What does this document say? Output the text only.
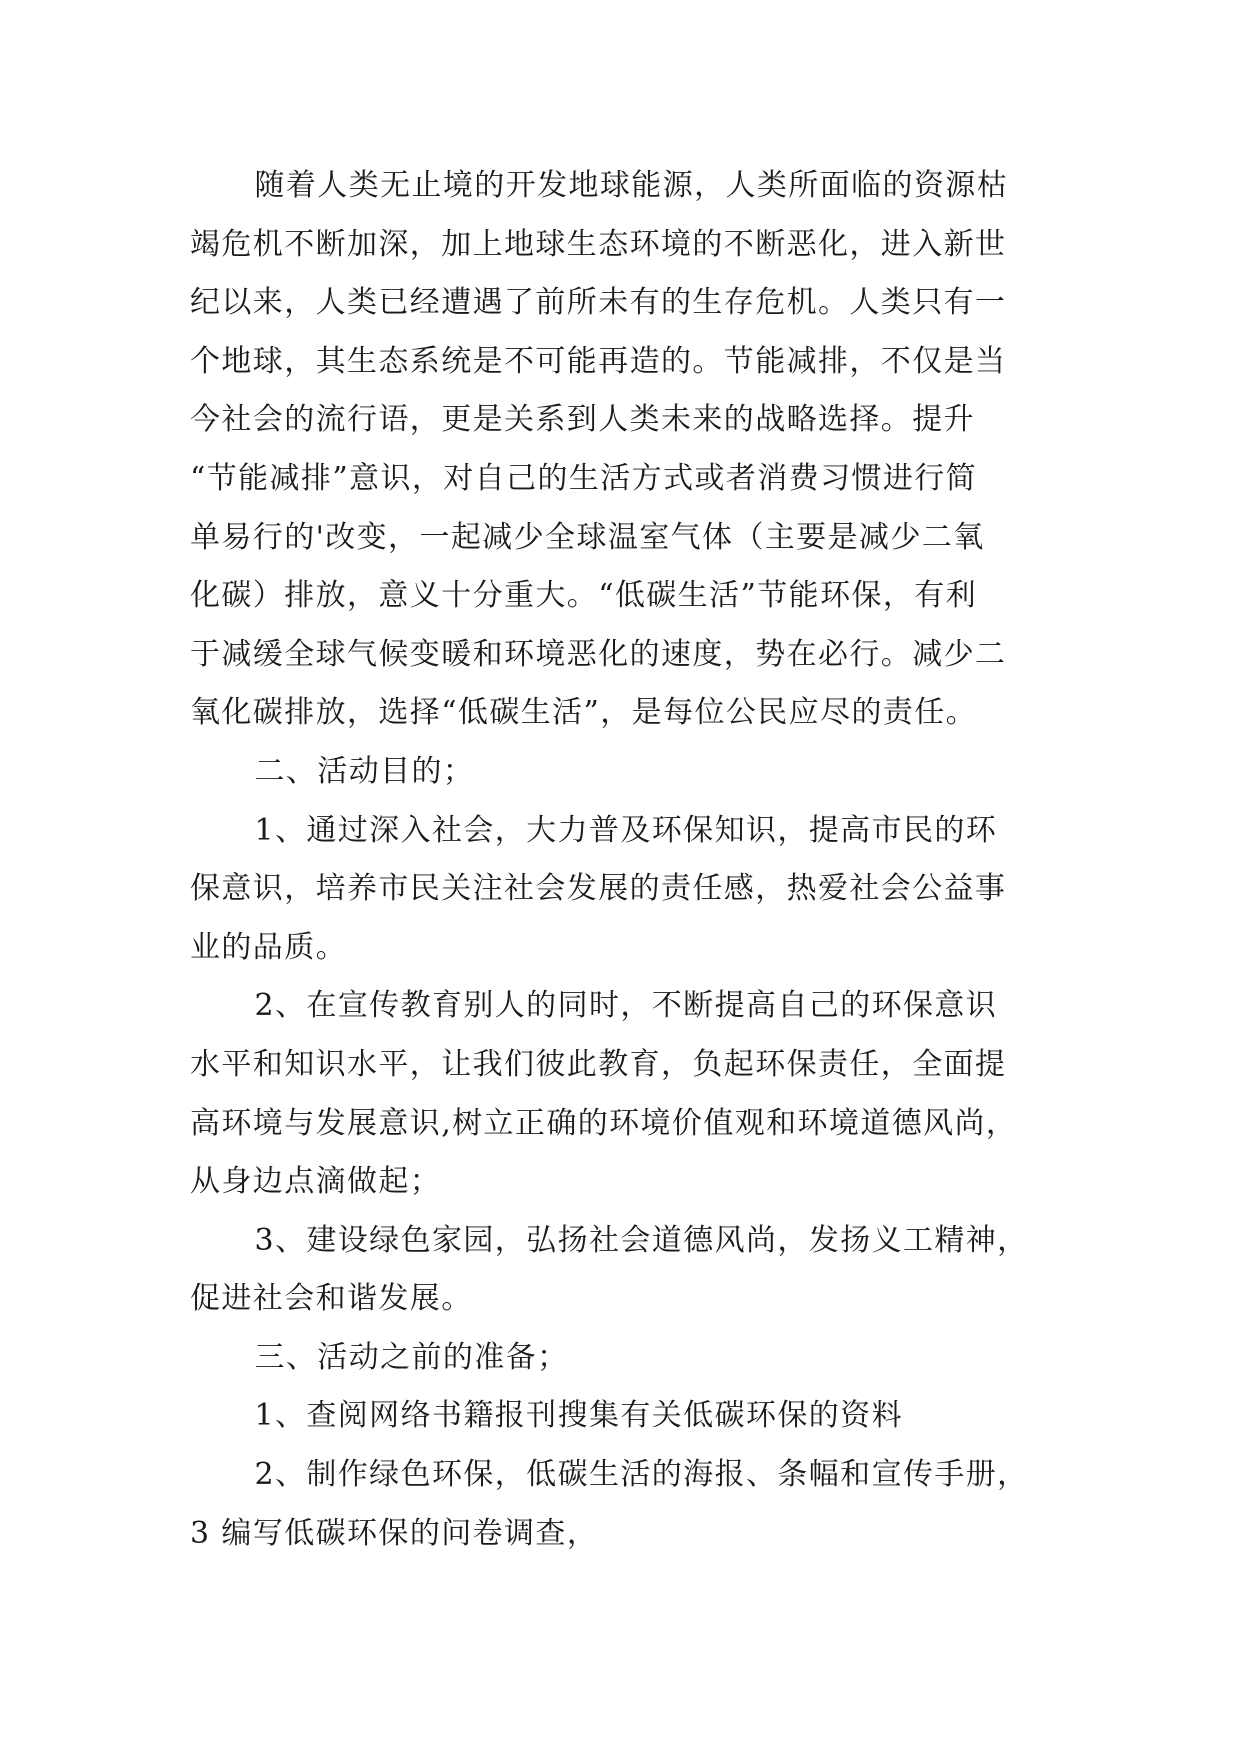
随着人类无止境的开发地球能源，人类所面临的资源枯
竭危机不断加深，加上地球生态环境的不断恶化，进入新世
纪以来，人类已经遭遇了前所未有的生存危机。人类只有一
个地球，其生态系统是不可能再造的。节能减排，不仅是当
今社会的流行语，更是关系到人类未来的战略选择。提升
“节能减排”意识，对自己的生活方式或者消费习惯进行简
单易行的'改变，一起减少全球温室气体（主要是减少二氧
化碳）排放，意义十分重大。“低碳生活”节能环保，有利
于减缓全球气候变暖和环境恶化的速度，势在必行。减少二
氧化碳排放，选择“低碳生活”，是每位公民应尽的责任。

二、活动目的；

1、通过深入社会，大力普及环保知识，提高市民的环
保意识，培养市民关注社会发展的责任感，热爱社会公益事
业的品质。

2、在宣传教育别人的同时，不断提高自己的环保意识
水平和知识水平，让我们彼此教育，负起环保责任，全面提
高环境与发展意识,树立正确的环境价值观和环境道德风尚，
从身边点滴做起；

3、建设绿色家园，弘扬社会道德风尚，发扬义工精神，
促进社会和谐发展。

三、活动之前的准备；

1、查阅网络书籍报刊搜集有关低碳环保的资料

2、制作绿色环保，低碳生活的海报、条幅和宣传手册，

3 编写低碳环保的问卷调查，
